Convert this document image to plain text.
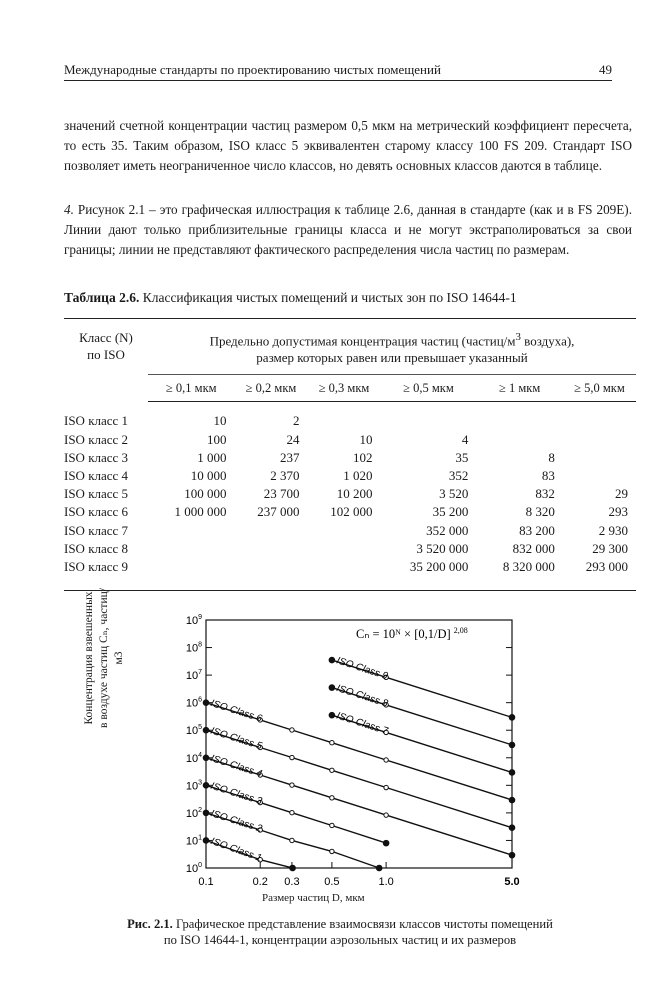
Международные стандарты по проектированию чистых помещений	49

значений счетной концентрации частиц размером 0,5 мкм на метрический коэффициент пересчета, то есть 35. Таким образом, ISO класс 5 эквивалентен старому классу 100 FS 209. Стандарт ISO позволяет иметь неограниченное число классов, но девять основных классов даются в таблице.

4. Рисунок 2.1 – это графическая иллюстрация к таблице 2.6, данная в стандарте (как и в FS 209E). Линии дают только приблизительные границы класса и не могут экстраполироваться за свои границы; линии не представляют фактического распределения числа частиц по размерам.

Таблица 2.6. Классификация чистых помещений и чистых зон по ISO 14644-1

Класс (N)
по ISO	Предельно допустимая концентрация частиц ($частиц/м^3$ воздуха),
размер которых равен или превышает указанный					
	≥ 0,1 мкм	≥ 0,2 мкм	≥ 0,3 мкм	≥ 0,5 мкм	≥ 1 мкм	≥ 5,0 мкм

ISO класс 1	10	2				
ISO класс 2	100	24	10	4		
ISO класс 3	1 000	237	102	35	8	
ISO класс 4	10 000	2 370	1 020	352	83	
ISO класс 5	100 000	23 700	10 200	3 520	832	29
ISO класс 6	1 000 000	237 000	102 000	35 200	8 320	293
ISO класс 7				352 000	83 200	2 930
ISO класс 8				3 520 000	832 000	29 300
ISO класс 9				35 200 000	8 320 000	293 000

$10^0$
$10^1$
$10^2$
$10^3$
$10^4$
$10^5$
$10^6$
$10^7$
$10^8$
$10^9$
0.1	0.2 0.3 0.5	1.0	5.0
Cₙ = 10ᴺ × [0,1/D] $^{2,08}$
ISO Class 1
ISO Class 2
ISO Class 3
ISO Class 4
ISO Class 5
ISO Class 6	ISO Class 7
ISO Class 8
ISO Class 9
Концентрация взвешенных в воздухе частиц Cₙ, частиц/м3
Размер частиц D, мкм
Рис. 2.1. Графическое представление взаимосвязи классов чистоты помещений по ISO 14644-1, концентрации аэрозольных частиц и их размеров
